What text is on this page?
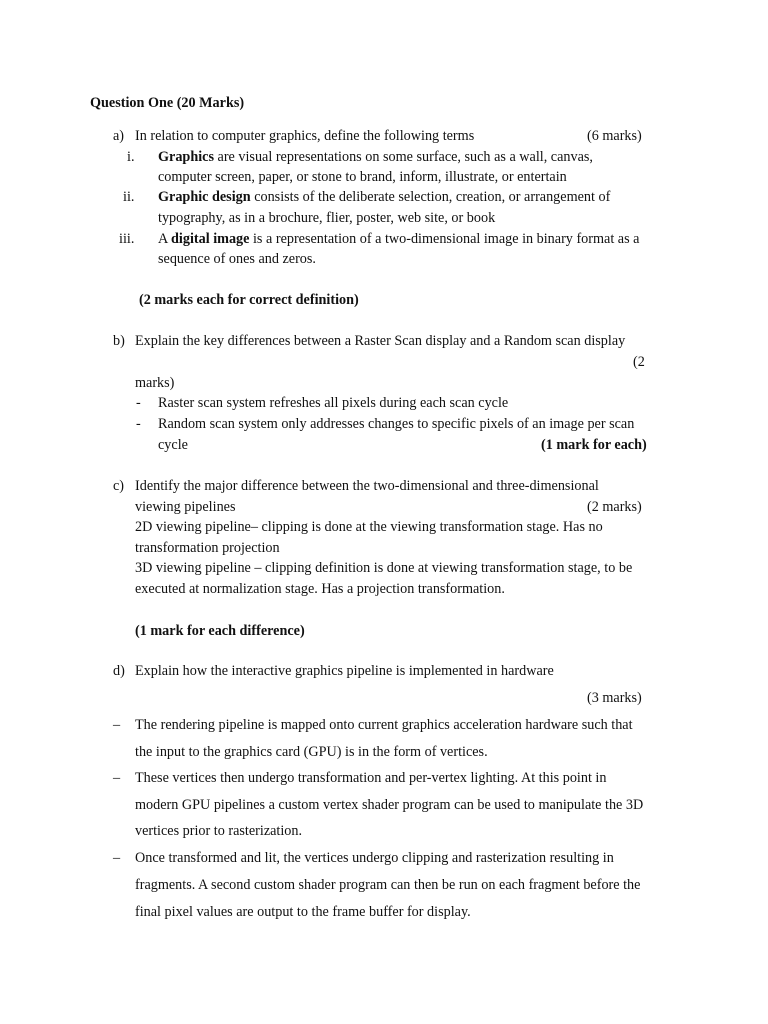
Question One (20 Marks)
a) In relation to computer graphics, define the following terms	(6 marks)
i. Graphics are visual representations on some surface, such as a wall, canvas,
computer screen, paper, or stone to brand, inform, illustrate, or entertain
ii. Graphic design consists of the deliberate selection, creation, or arrangement of
typography, as in a brochure, flier, poster, web site, or book
iii. A digital image is a representation of a two-dimensional image in binary format as a
sequence of ones and zeros.
(2 marks each for correct definition)
b) Explain the key differences between a Raster Scan display and a Random scan display
(2
marks)
- Raster scan system refreshes all pixels during each scan cycle
- Random scan system only addresses changes to specific pixels of an image per scan
cycle	(1 mark for each)
c) Identify the major difference between the two-dimensional and three-dimensional
viewing pipelines	(2 marks)
2D viewing pipeline– clipping is done at the viewing transformation stage. Has no
transformation projection
3D viewing pipeline – clipping definition is done at viewing transformation stage, to be
executed at normalization stage. Has a projection transformation.
(1 mark for each difference)
d) Explain how the interactive graphics pipeline is implemented in hardware
(3 marks)
– The rendering pipeline is mapped onto current graphics acceleration hardware such that
the input to the graphics card (GPU) is in the form of vertices.
– These vertices then undergo transformation and per-vertex lighting. At this point in
modern GPU pipelines a custom vertex shader program can be used to manipulate the 3D
vertices prior to rasterization.
– Once transformed and lit, the vertices undergo clipping and rasterization resulting in
fragments. A second custom shader program can then be run on each fragment before the
final pixel values are output to the frame buffer for display.
